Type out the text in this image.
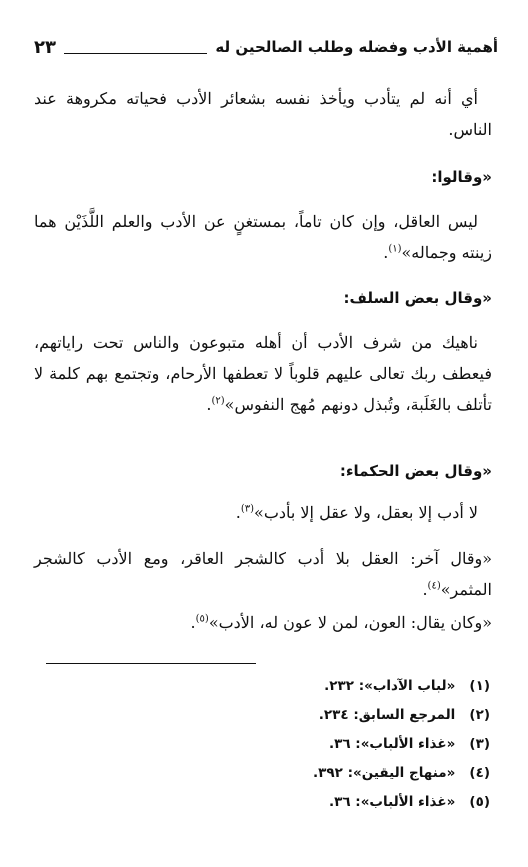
أهمية الأدب وفضله وطلب الصالحين له
٢٣
أي أنه لم يتأدب ويأخذ نفسه بشعائر الأدب فحياته مكروهة عند الناس.
«وقالوا:
ليس العاقل، وإن كان تاماً، بمستغنٍ عن الأدب والعلم اللَّذَيْن هما زينته وجماله»$^{(١)}$.
«وقال بعض السلف:
ناهيك من شرف الأدب أن أهله متبوعون والناس تحت راياتهم، فيعطف ربك تعالى عليهم قلوباً لا تعطفها الأرحام، وتجتمع بهم كلمة لا تأتلف بالغَلَبة، وتُبذل دونهم مُهج النفوس»$^{(٢)}$.
«وقال بعض الحكماء:
لا أدب إلا بعقل، ولا عقل إلا بأدب»$^{(٣)}$.
«وقال آخر: العقل بلا أدب كالشجر العاقر، ومع الأدب كالشجر المثمر»$^{(٤)}$.
«وكان يقال: العون، لمن لا عون له، الأدب»$^{(٥)}$.
(١) «لباب الآداب»: ٢٣٢.
(٢) المرجع السابق: ٢٣٤.
(٣) «غذاء الألباب»: ٣٦.
(٤) «منهاج اليقين»: ٣٩٢.
(٥) «غذاء الألباب»: ٣٦.
